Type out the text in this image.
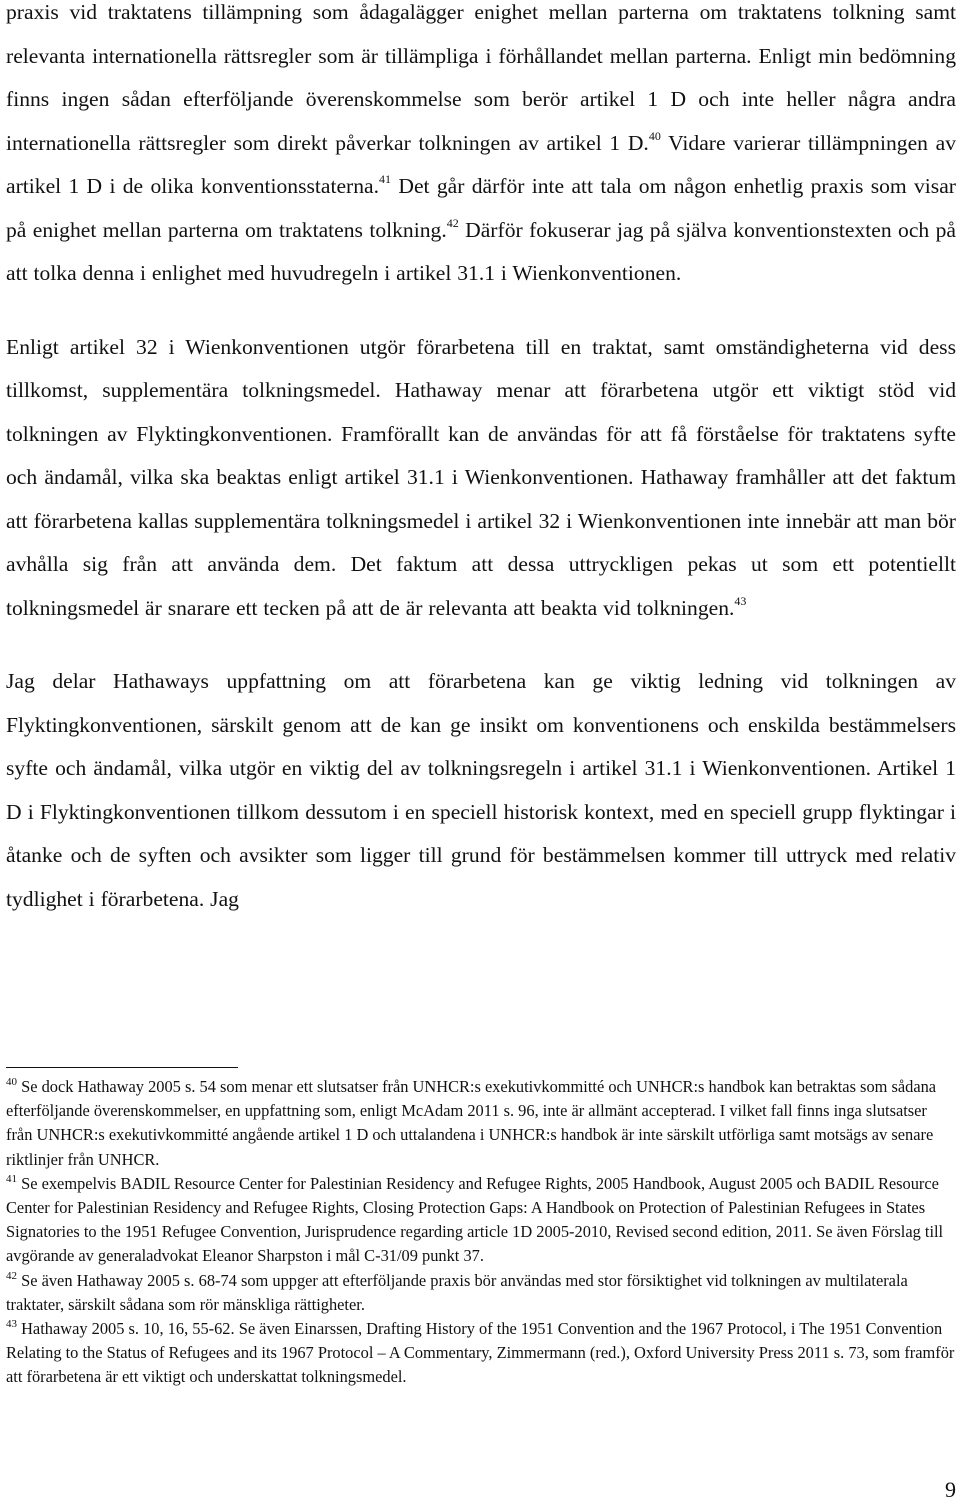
praxis vid traktatens tillämpning som ådagalägger enighet mellan parterna om traktatens tolkning samt relevanta internationella rättsregler som är tillämpliga i förhållandet mellan parterna. Enligt min bedömning finns ingen sådan efterföljande överenskommelse som berör artikel 1 D och inte heller några andra internationella rättsregler som direkt påverkar tolkningen av artikel 1 D.$^{40}$ Vidare varierar tillämpningen av artikel 1 D i de olika konventionsstaterna.$^{41}$ Det går därför inte att tala om någon enhetlig praxis som visar på enighet mellan parterna om traktatens tolkning.$^{42}$ Därför fokuserar jag på själva konventionstexten och på att tolka denna i enlighet med huvudregeln i artikel 31.1 i Wienkonventionen.

Enligt artikel 32 i Wienkonventionen utgör förarbetena till en traktat, samt omständigheterna vid dess tillkomst, supplementära tolkningsmedel. Hathaway menar att förarbetena utgör ett viktigt stöd vid tolkningen av Flyktingkonventionen. Framförallt kan de användas för att få förståelse för traktatens syfte och ändamål, vilka ska beaktas enligt artikel 31.1 i Wienkonventionen. Hathaway framhåller att det faktum att förarbetena kallas supplementära tolkningsmedel i artikel 32 i Wienkonventionen inte innebär att man bör avhålla sig från att använda dem. Det faktum att dessa uttryckligen pekas ut som ett potentiellt tolkningsmedel är snarare ett tecken på att de är relevanta att beakta vid tolkningen.$^{43}$

Jag delar Hathaways uppfattning om att förarbetena kan ge viktig ledning vid tolkningen av Flyktingkonventionen, särskilt genom att de kan ge insikt om konventionens och enskilda bestämmelsers syfte och ändamål, vilka utgör en viktig del av tolkningsregeln i artikel 31.1 i Wienkonventionen. Artikel 1 D i Flyktingkonventionen tillkom dessutom i en speciell historisk kontext, med en speciell grupp flyktingar i åtanke och de syften och avsikter som ligger till grund för bestämmelsen kommer till uttryck med relativ tydlighet i förarbetena. Jag

$^{40}$ Se dock Hathaway 2005 s. 54 som menar ett slutsatser från UNHCR:s exekutivkommitté och UNHCR:s handbok kan betraktas som sådana efterföljande överenskommelser, en uppfattning som, enligt McAdam 2011 s. 96, inte är allmänt accepterad. I vilket fall finns inga slutsatser från UNHCR:s exekutivkommitté angående artikel 1 D och uttalandena i UNHCR:s handbok är inte särskilt utförliga samt motsägs av senare riktlinjer från UNHCR.

$^{41}$ Se exempelvis BADIL Resource Center for Palestinian Residency and Refugee Rights, 2005 Handbook, August 2005 och BADIL Resource Center for Palestinian Residency and Refugee Rights, Closing Protection Gaps: A Handbook on Protection of Palestinian Refugees in States Signatories to the 1951 Refugee Convention, Jurisprudence regarding article 1D 2005-2010, Revised second edition, 2011. Se även Förslag till avgörande av generaladvokat Eleanor Sharpston i mål C-31/09 punkt 37.

$^{42}$ Se även Hathaway 2005 s. 68-74 som uppger att efterföljande praxis bör användas med stor försiktighet vid tolkningen av multilaterala traktater, särskilt sådana som rör mänskliga rättigheter.

$^{43}$ Hathaway 2005 s. 10, 16, 55-62. Se även Einarssen, Drafting History of the 1951 Convention and the 1967 Protocol, i The 1951 Convention Relating to the Status of Refugees and its 1967 Protocol – A Commentary, Zimmermann (red.), Oxford University Press 2011 s. 73, som framför att förarbetena är ett viktigt och underskattat tolkningsmedel.

9
